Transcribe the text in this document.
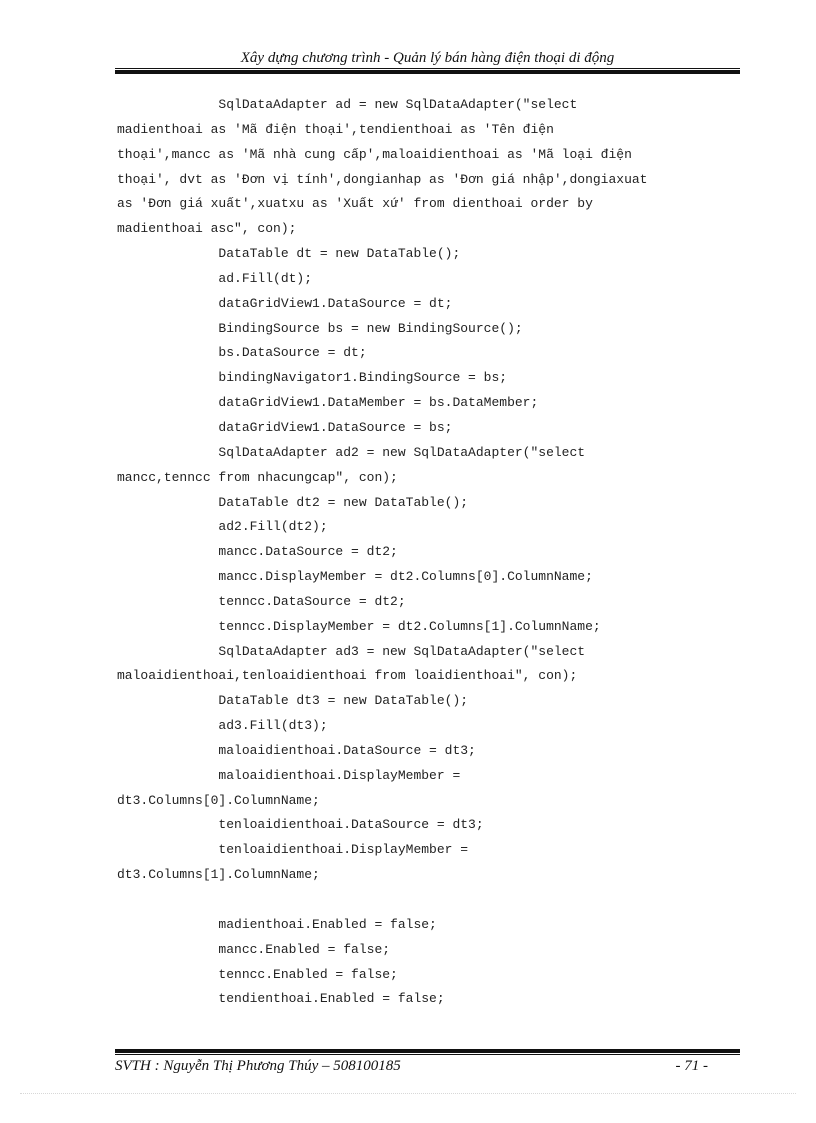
Xây dựng chương trình - Quản lý bán hàng điện thoại di động
SqlDataAdapter ad = new SqlDataAdapter("select
madienthoai as 'Mã điện thoại',tendienthoai as 'Tên điện
thoại',mancc as 'Mã nhà cung cấp',maloaidienthoai as 'Mã loại điện
thoại', dvt as 'Đơn vị tính',dongianhap as 'Đơn giá nhập',dongiaxuat
as 'Đơn giá xuất',xuatxu as 'Xuất xứ' from dienthoai order by
madienthoai asc", con);
DataTable dt = new DataTable();
ad.Fill(dt);
dataGridView1.DataSource = dt;
BindingSource bs = new BindingSource();
bs.DataSource = dt;
bindingNavigator1.BindingSource = bs;
dataGridView1.DataMember = bs.DataMember;
dataGridView1.DataSource = bs;
SqlDataAdapter ad2 = new SqlDataAdapter("select
mancc,tenncc from nhacungcap", con);
DataTable dt2 = new DataTable();
ad2.Fill(dt2);
mancc.DataSource = dt2;
mancc.DisplayMember = dt2.Columns[0].ColumnName;
tenncc.DataSource = dt2;
tenncc.DisplayMember = dt2.Columns[1].ColumnName;
SqlDataAdapter ad3 = new SqlDataAdapter("select
maloaidienthoai,tenloaidienthoai from loaidienthoai", con);
DataTable dt3 = new DataTable();
ad3.Fill(dt3);
maloaidienthoai.DataSource = dt3;
maloaidienthoai.DisplayMember =
dt3.Columns[0].ColumnName;
tenloaidienthoai.DataSource = dt3;
tenloaidienthoai.DisplayMember =
dt3.Columns[1].ColumnName;
madienthoai.Enabled = false;
mancc.Enabled = false;
tenncc.Enabled = false;
tendienthoai.Enabled = false;
SVTH : Nguyễn Thị Phương Thúy – 508100185	- 71 -
